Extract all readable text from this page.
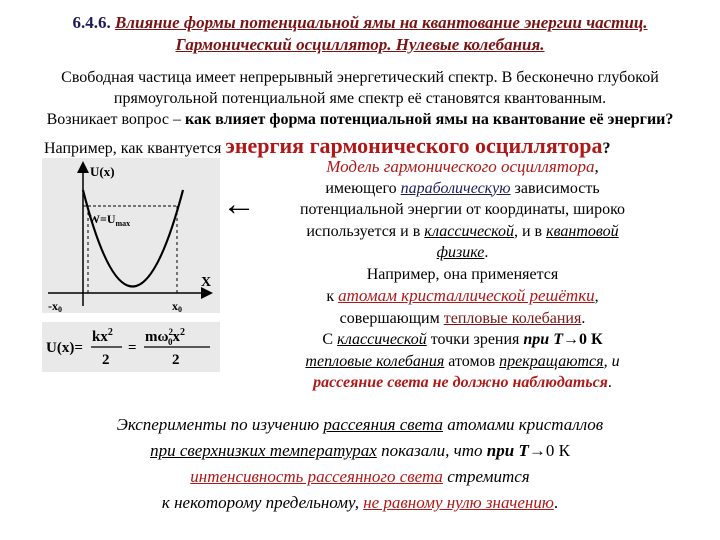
6.4.6. Влияние формы потенциальной ямы на квантование энергии частиц.
Гармонический осциллятор. Нулевые колебания.
Свободная частица имеет непрерывный энергетический спектр. В бесконечно глубокой
прямоугольной потенциальной яме спектр её становятся квантованным.
Возникает вопрос – как влияет форма потенциальной ямы на квантование её энергии?
Например, как квантуется энергия гармонического осциллятора?
U(x)
X
$W=U_{max}$
-x0	x0
U(x)=
$kx^2$
2
=
$m\omega^2$ $0x^2$
2
←
Модель гармонического осциллятора,
имеющего параболическую зависимость
потенциальной энергии от координаты, широко
используется и в классической, и в квантовой
физике.
Например, она применяется
к атомам кристаллической решётки,
совершающим тепловые колебания.
С классической точки зрения при T→0 К
тепловые колебания атомов прекращаются, и
рассеяние света не должно наблюдаться.
Эксперименты по изучению рассеяния света атомами кристаллов
при сверхнизких температурах показали, что при T→0 К
интенсивность рассеянного света стремится
к некоторому предельному, не равному нулю значению.
